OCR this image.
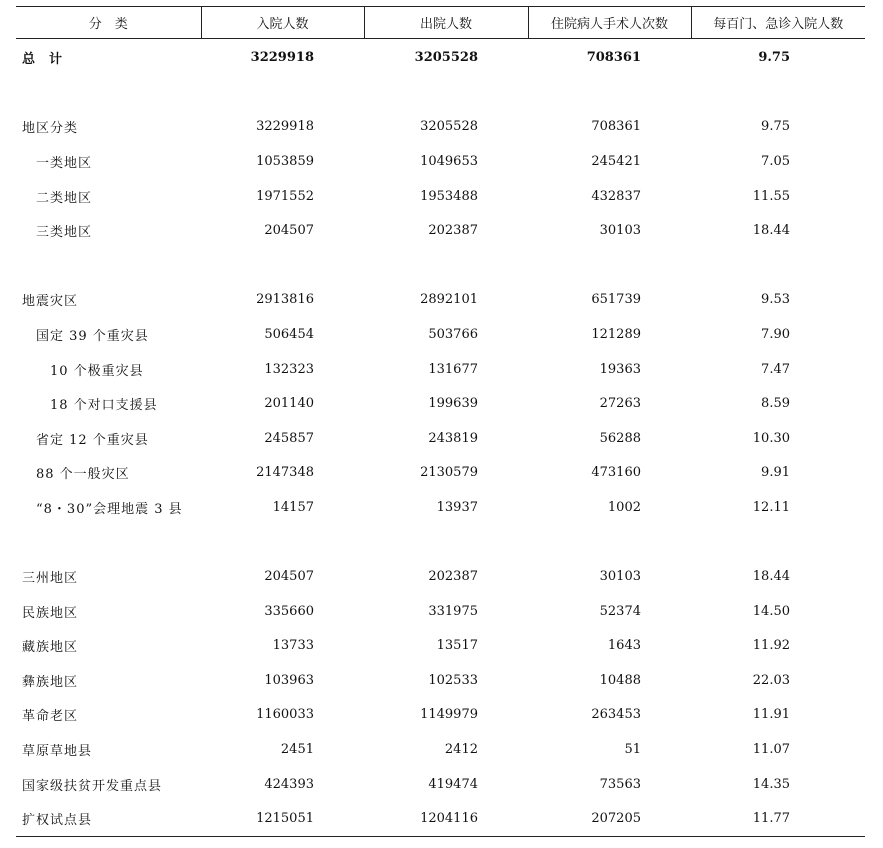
分　类	入院人数	出院人数	住院病人手术人次数	每百门、急诊入院人数
总计	3229918	3205528	708361	9.75

地区分类	3229918	3205528	708361	9.75
一类地区	1053859	1049653	245421	7.05
二类地区	1971552	1953488	432837	11.55
三类地区	204507	202387	30103	18.44

地震灾区	2913816	2892101	651739	9.53
国定 39 个重灾县	506454	503766	121289	7.90
10 个极重灾县	132323	131677	19363	7.47
18 个对口支援县	201140	199639	27263	8.59
省定 12 个重灾县	245857	243819	56288	10.30
88 个一般灾区	2147348	2130579	473160	9.91
“8・30”会理地震 3 县	14157	13937	1002	12.11

三州地区	204507	202387	30103	18.44
民族地区	335660	331975	52374	14.50
藏族地区	13733	13517	1643	11.92
彝族地区	103963	102533	10488	22.03
革命老区	1160033	1149979	263453	11.91
草原草地县	2451	2412	51	11.07
国家级扶贫开发重点县	424393	419474	73563	14.35
扩权试点县	1215051	1204116	207205	11.77
